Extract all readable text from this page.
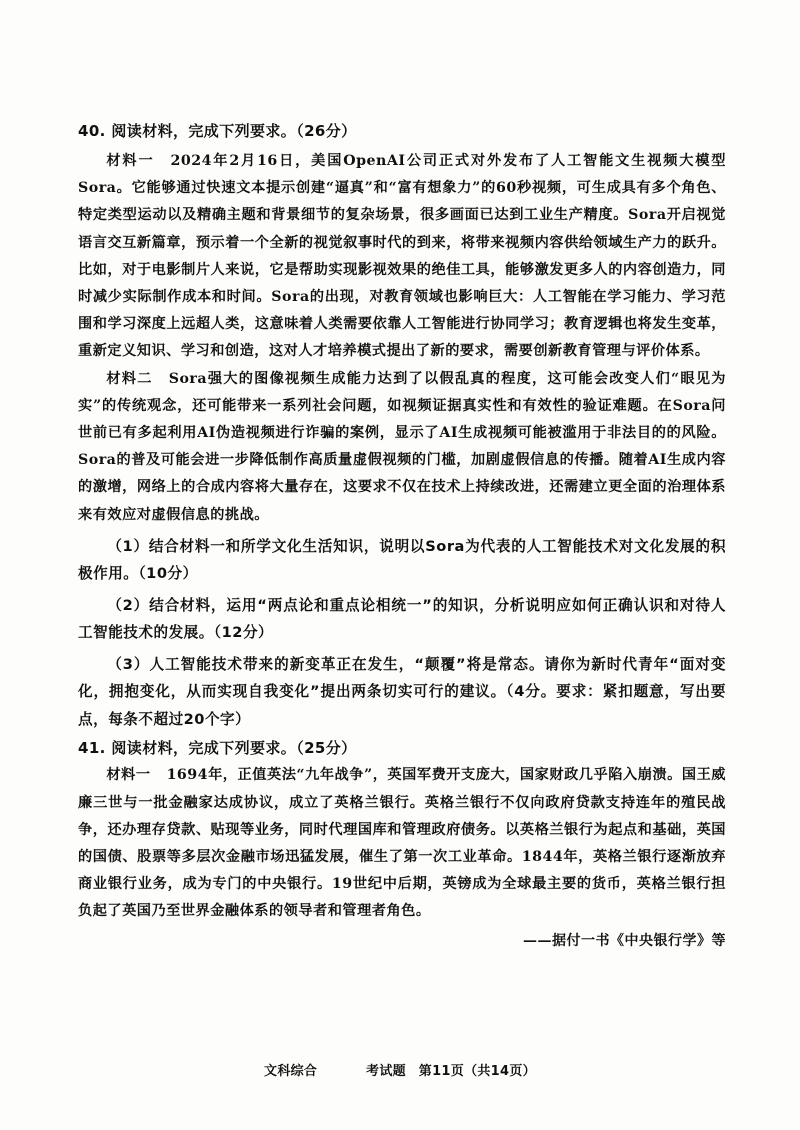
40. 阅读材料，完成下列要求。（26分）

材料一 2024年2月16日，美国OpenAI公司正式对外发布了人工智能文生视频大模型Sora。它能够通过快速文本提示创建“逼真”和“富有想象力”的60秒视频，可生成具有多个角色、特定类型运动以及精确主题和背景细节的复杂场景，很多画面已达到工业生产精度。Sora开启视觉语言交互新篇章，预示着一个全新的视觉叙事时代的到来，将带来视频内容供给领域生产力的跃升。比如，对于电影制片人来说，它是帮助实现影视效果的绝佳工具，能够激发更多人的内容创造力，同时减少实际制作成本和时间。Sora的出现，对教育领域也影响巨大：人工智能在学习能力、学习范围和学习深度上远超人类，这意味着人类需要依靠人工智能进行协同学习；教育逻辑也将发生变革，重新定义知识、学习和创造，这对人才培养模式提出了新的要求，需要创新教育管理与评价体系。

材料二 Sora强大的图像视频生成能力达到了以假乱真的程度，这可能会改变人们“眼见为实”的传统观念，还可能带来一系列社会问题，如视频证据真实性和有效性的验证难题。在Sora问世前已有多起利用AI伪造视频进行诈骗的案例，显示了AI生成视频可能被滥用于非法目的的风险。Sora的普及可能会进一步降低制作高质量虚假视频的门槛，加剧虚假信息的传播。随着AI生成内容的激增，网络上的合成内容将大量存在，这要求不仅在技术上持续改进，还需建立更全面的治理体系来有效应对虚假信息的挑战。

（1）结合材料一和所学文化生活知识，说明以Sora为代表的人工智能技术对文化发展的积极作用。（10分）

（2）结合材料，运用“两点论和重点论相统一”的知识，分析说明应如何正确认识和对待人工智能技术的发展。（12分）

（3）人工智能技术带来的新变革正在发生，“颠覆”将是常态。请你为新时代青年“面对变化，拥抱变化，从而实现自我变化”提出两条切实可行的建议。（4分。要求：紧扣题意，写出要点，每条不超过20个字）

41. 阅读材料，完成下列要求。（25分）

材料一 1694年，正值英法“九年战争”，英国军费开支庞大，国家财政几乎陷入崩溃。国王威廉三世与一批金融家达成协议，成立了英格兰银行。英格兰银行不仅向政府贷款支持连年的殖民战争，还办理存贷款、贴现等业务，同时代理国库和管理政府债务。以英格兰银行为起点和基础，英国的国债、股票等多层次金融市场迅猛发展，催生了第一次工业革命。1844年，英格兰银行逐渐放弃商业银行业务，成为专门的中央银行。19世纪中后期，英镑成为全球最主要的货币，英格兰银行担负起了英国乃至世界金融体系的领导者和管理者角色。

——据付一书《中央银行学》等
文科综合	考试题 第11页（共14页）
